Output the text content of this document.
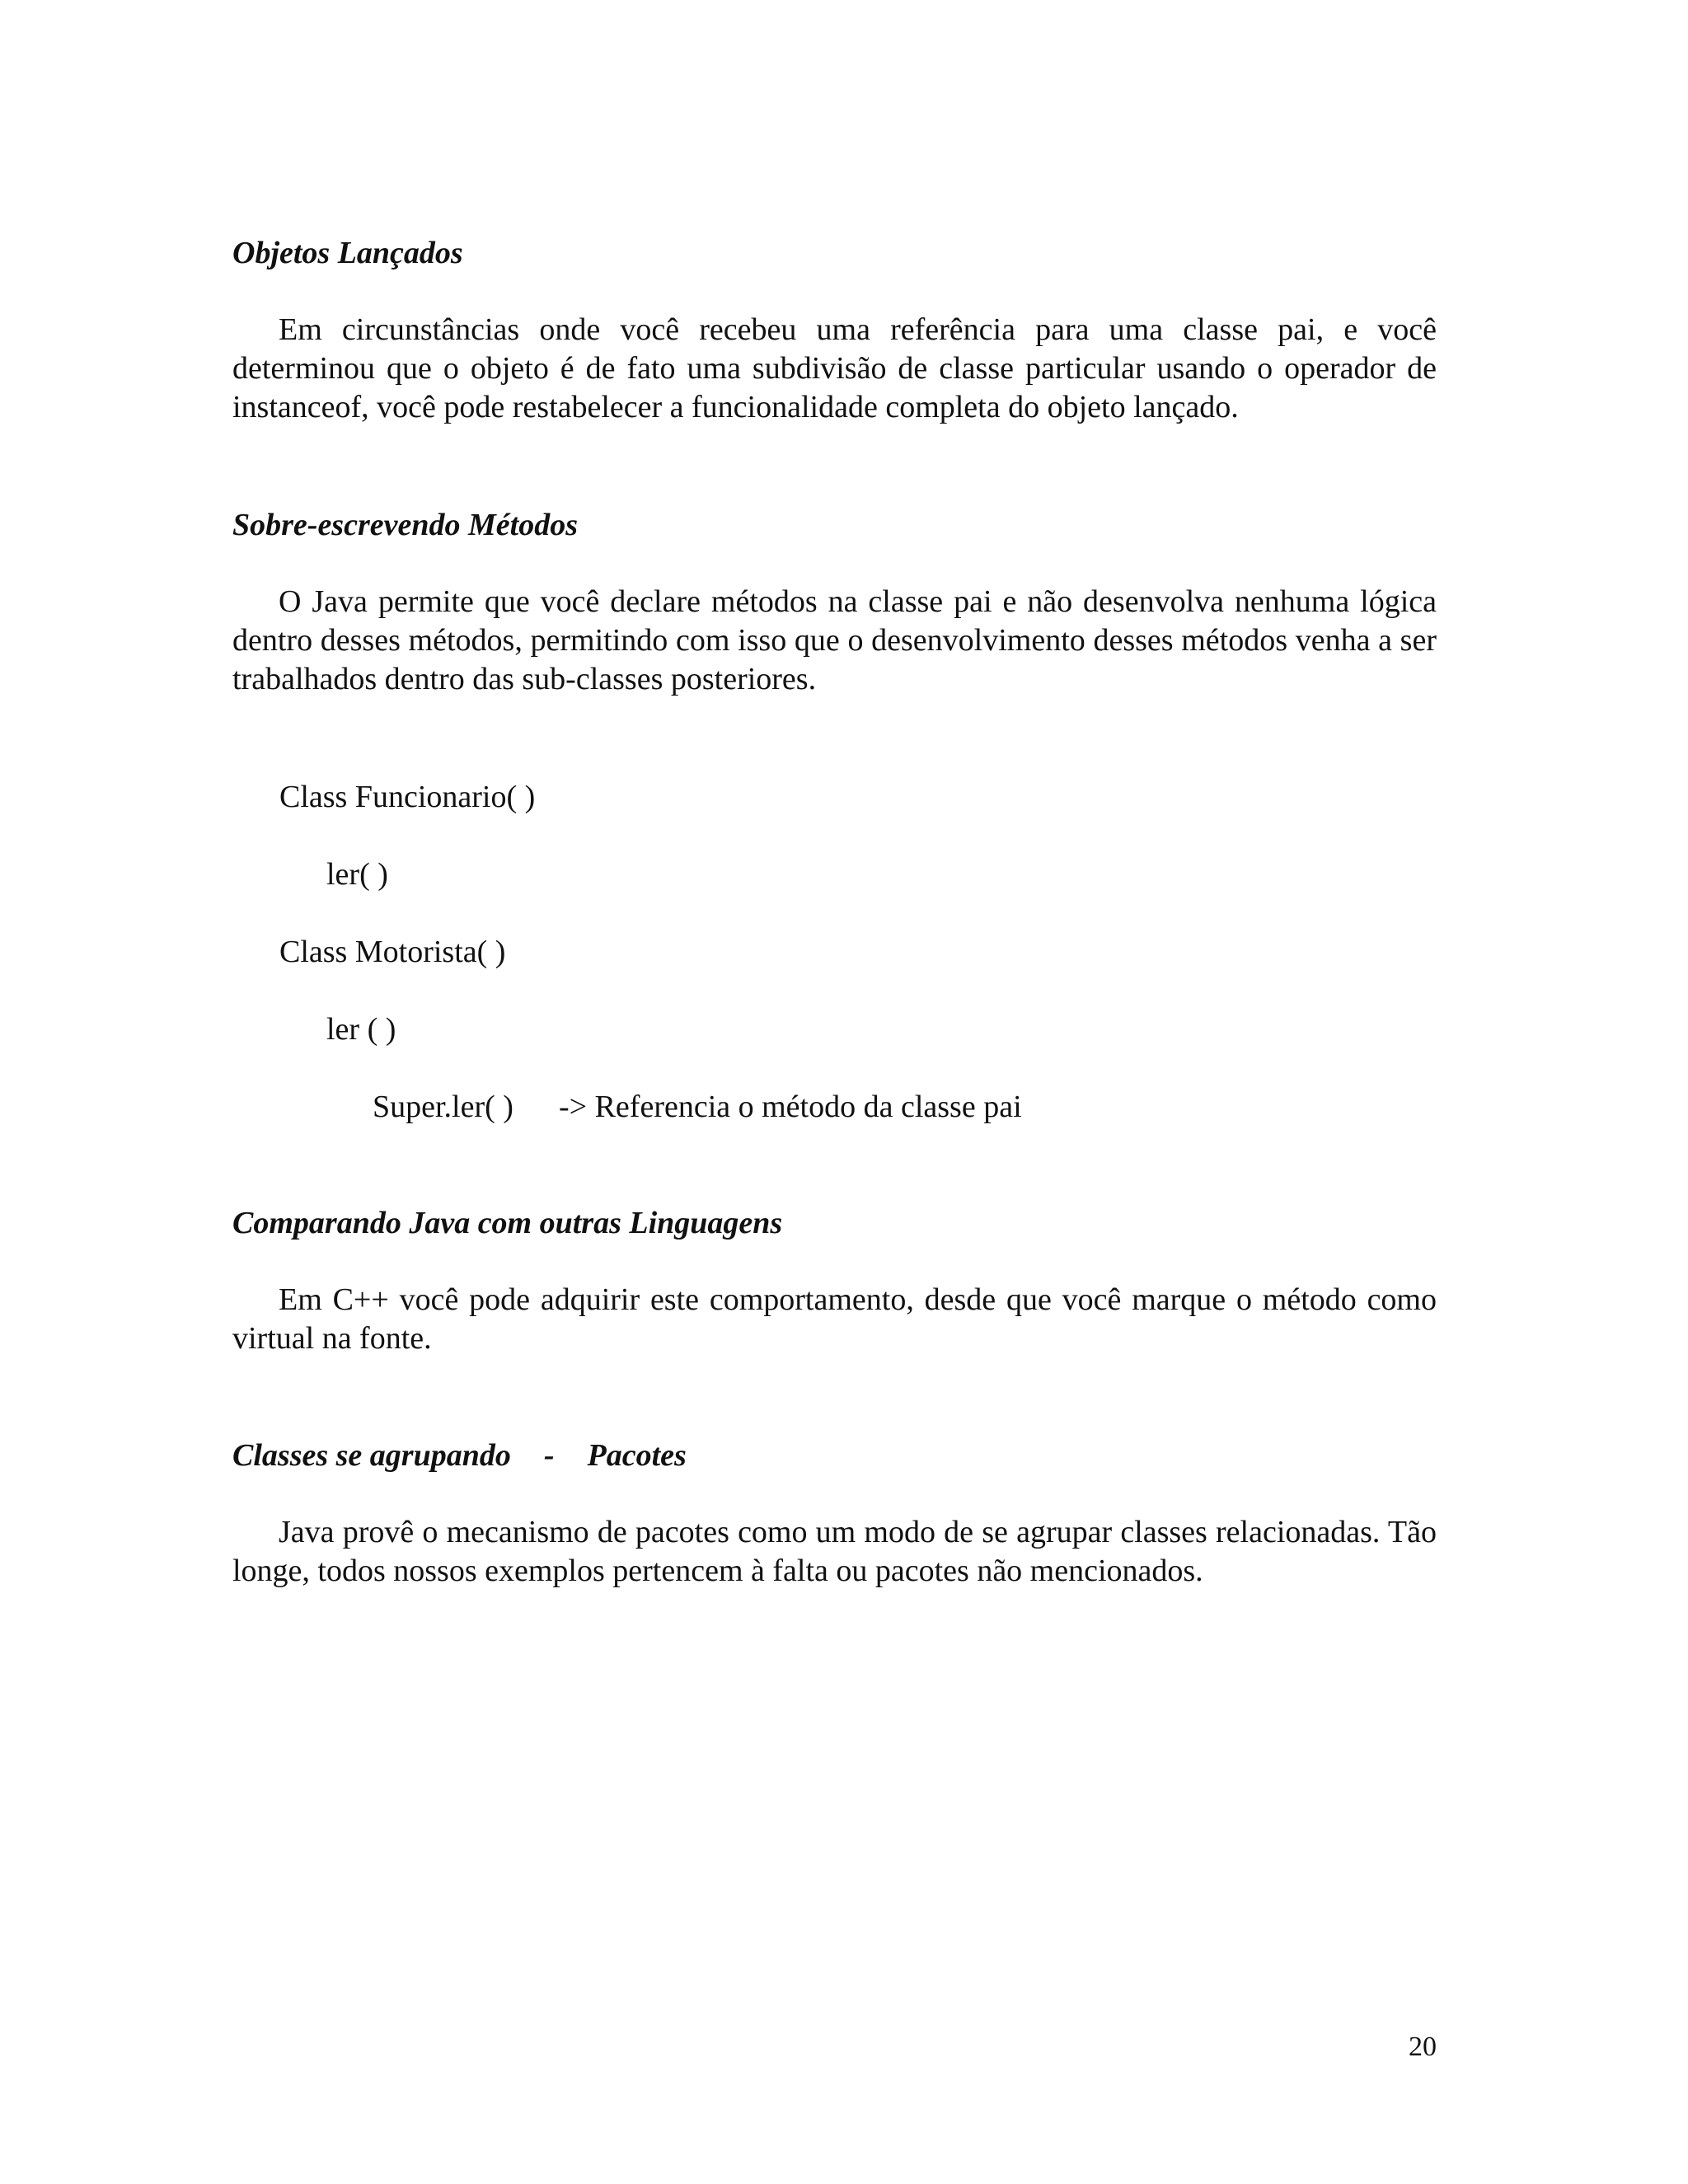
Objetos Lançados
Em circunstâncias onde você recebeu uma referência para uma classe pai, e você determinou que o objeto é de fato uma subdivisão de classe particular usando o operador de instanceof, você pode restabelecer a funcionalidade completa do objeto lançado.
Sobre-escrevendo Métodos
O Java permite que você declare métodos na classe pai e não desenvolva nenhuma lógica dentro desses métodos, permitindo com isso que o desenvolvimento desses métodos venha a ser trabalhados dentro das sub-classes posteriores.
Class Funcionario( )
ler( )
Class Motorista( )
ler ( )
Super.ler( ) -> Referencia o método da classe pai
Comparando Java com outras Linguagens
Em C++ você pode adquirir este comportamento, desde que você marque o método como virtual na fonte.
Classes se agrupando - Pacotes
Java provê o mecanismo de pacotes como um modo de se agrupar classes relacionadas. Tão longe, todos nossos exemplos pertencem à falta ou pacotes não mencionados.
20
